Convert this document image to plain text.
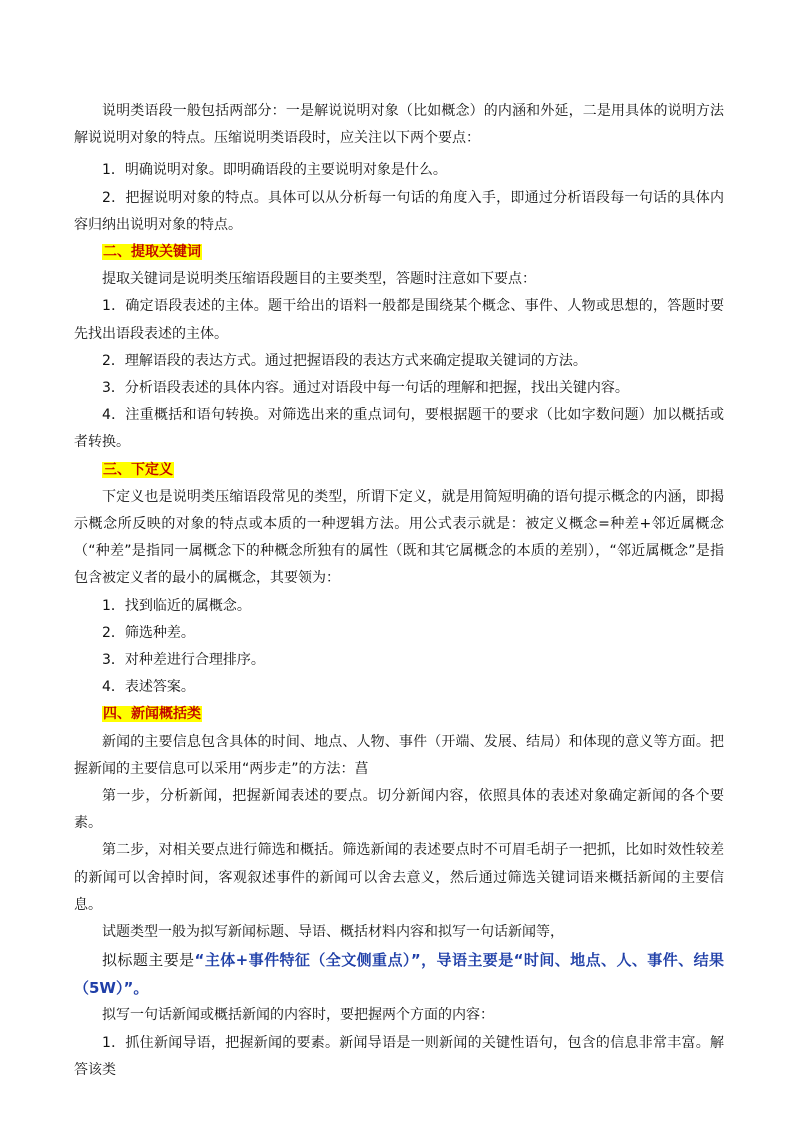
说明类语段一般包括两部分：一是解说说明对象（比如概念）的内涵和外延，二是用具体的说明方法解说说明对象的特点。压缩说明类语段时，应关注以下两个要点：

1．明确说明对象。即明确语段的主要说明对象是什么。

2．把握说明对象的特点。具体可以从分析每一句话的角度入手，即通过分析语段每一句话的具体内容归纳出说明对象的特点。

二、提取关键词

提取关键词是说明类压缩语段题目的主要类型，答题时注意如下要点：

1．确定语段表述的主体。题干给出的语料一般都是围绕某个概念、事件、人物或思想的，答题时要先找出语段表述的主体。

2．理解语段的表达方式。通过把握语段的表达方式来确定提取关键词的方法。

3．分析语段表述的具体内容。通过对语段中每一句话的理解和把握，找出关键内容。

4．注重概括和语句转换。对筛选出来的重点词句，要根据题干的要求（比如字数问题）加以概括或者转换。

三、下定义

下定义也是说明类压缩语段常见的类型，所谓下定义，就是用简短明确的语句提示概念的内涵，即揭示概念所反映的对象的特点或本质的一种逻辑方法。用公式表示就是：被定义概念=种差+邻近属概念（“种差”是指同一属概念下的种概念所独有的属性（既和其它属概念的本质的差别），“邻近属概念”是指包含被定义者的最小的属概念，其要领为：

1．找到临近的属概念。

2．筛选种差。

3．对种差进行合理排序。

4．表述答案。

四、新闻概括类

新闻的主要信息包含具体的时间、地点、人物、事件（开端、发展、结局）和体现的意义等方面。把握新闻的主要信息可以采用“两步走”的方法：菖

第一步，分析新闻，把握新闻表述的要点。切分新闻内容，依照具体的表述对象确定新闻的各个要素。

第二步，对相关要点进行筛选和概括。筛选新闻的表述要点时不可眉毛胡子一把抓，比如时效性较差的新闻可以舍掉时间，客观叙述事件的新闻可以舍去意义，然后通过筛选关键词语来概括新闻的主要信息。

试题类型一般为拟写新闻标题、导语、概括材料内容和拟写一句话新闻等，

拟标题主要是“主体+事件特征（全文侧重点）”，导语主要是“时间、地点、人、事件、结果（5W）”。

拟写一句话新闻或概括新闻的内容时，要把握两个方面的内容：

1．抓住新闻导语，把握新闻的要素。新闻导语是一则新闻的关键性语句，包含的信息非常丰富。解答该类
